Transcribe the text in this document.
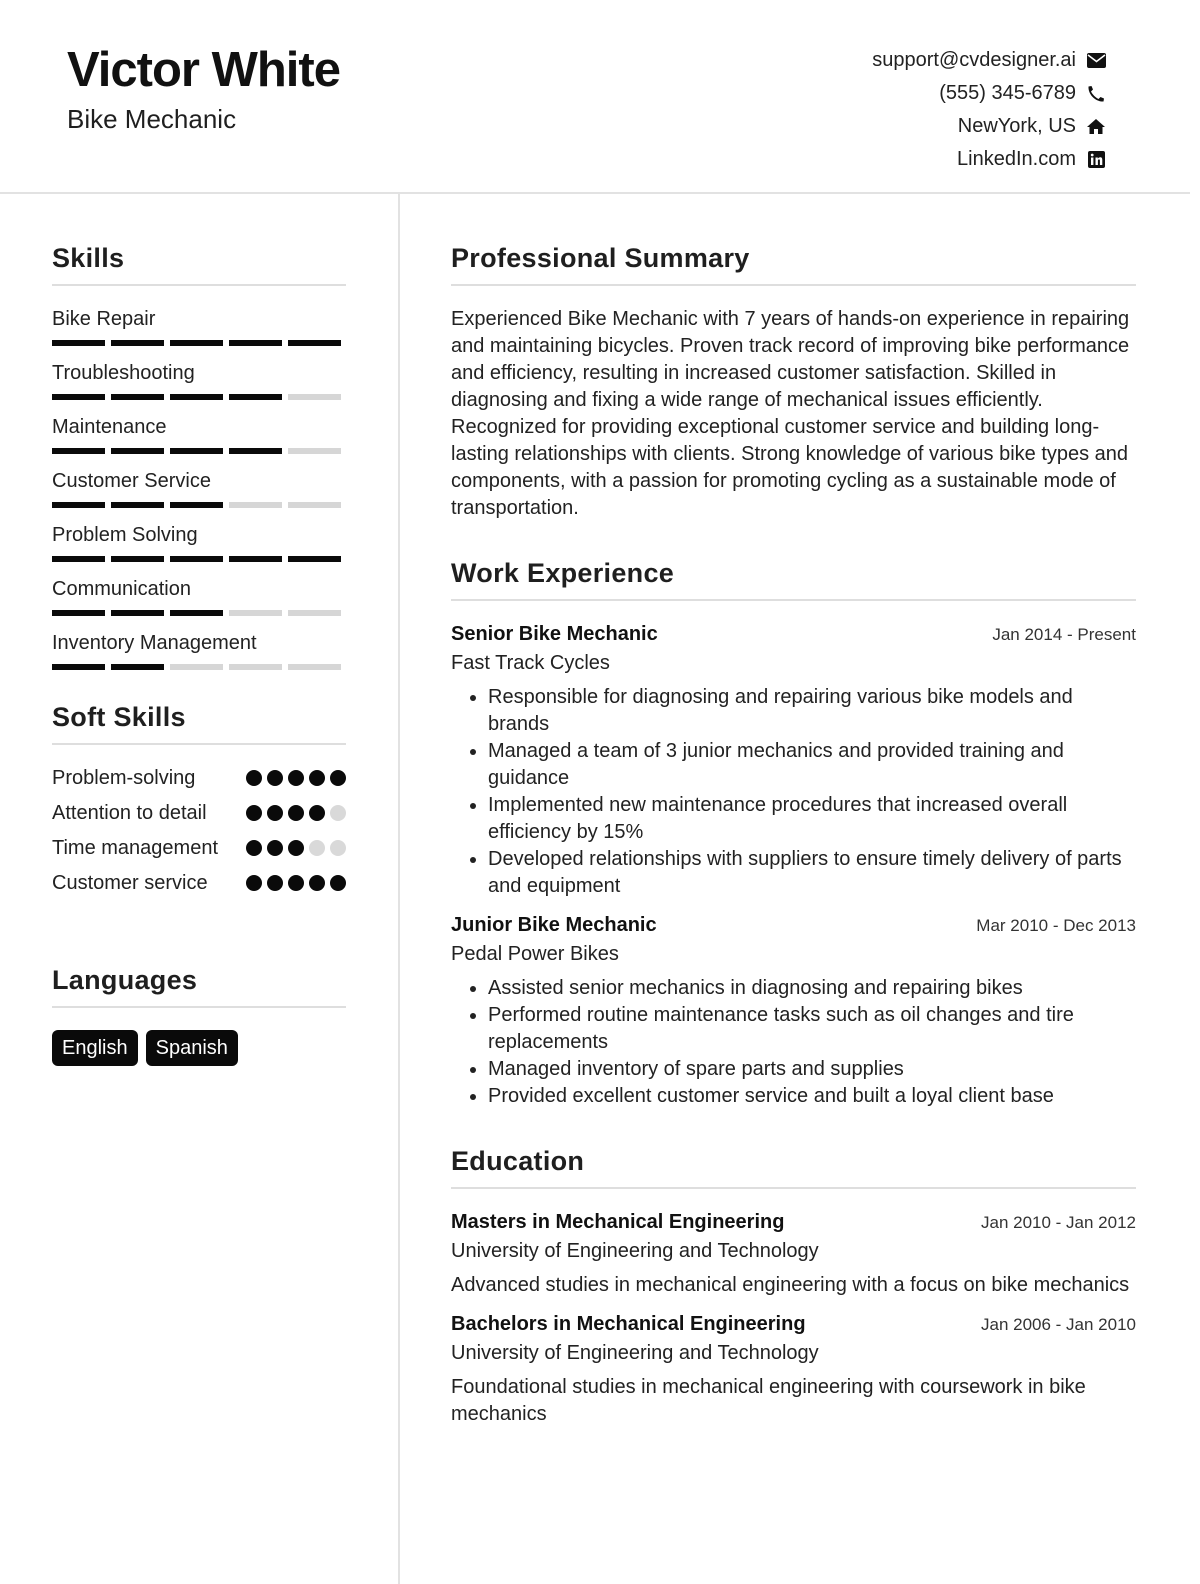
Victor White
Bike Mechanic
support@cvdesigner.ai
(555) 345-6789
NewYork, US
LinkedIn.com
Skills
Bike Repair
Troubleshooting
Maintenance
Customer Service
Problem Solving
Communication
Inventory Management
Soft Skills
Problem-solving
Attention to detail
Time management
Customer service
Languages
English	Spanish
Professional Summary
Experienced Bike Mechanic with 7 years of hands-on experience in repairing and maintaining bicycles. Proven track record of improving bike performance and efficiency, resulting in increased customer satisfaction. Skilled in diagnosing and fixing a wide range of mechanical issues efficiently. Recognized for providing exceptional customer service and building long-lasting relationships with clients. Strong knowledge of various bike types and components, with a passion for promoting cycling as a sustainable mode of transportation.
Work Experience
Senior Bike Mechanic	Jan 2014 - Present
Fast Track Cycles
• Responsible for diagnosing and repairing various bike models and brands
• Managed a team of 3 junior mechanics and provided training and guidance
• Implemented new maintenance procedures that increased overall efficiency by 15%
• Developed relationships with suppliers to ensure timely delivery of parts and equipment
Junior Bike Mechanic	Mar 2010 - Dec 2013
Pedal Power Bikes
• Assisted senior mechanics in diagnosing and repairing bikes
• Performed routine maintenance tasks such as oil changes and tire replacements
• Managed inventory of spare parts and supplies
• Provided excellent customer service and built a loyal client base
Education
Masters in Mechanical Engineering	Jan 2010 - Jan 2012
University of Engineering and Technology
Advanced studies in mechanical engineering with a focus on bike mechanics
Bachelors in Mechanical Engineering	Jan 2006 - Jan 2010
University of Engineering and Technology
Foundational studies in mechanical engineering with coursework in bike mechanics
